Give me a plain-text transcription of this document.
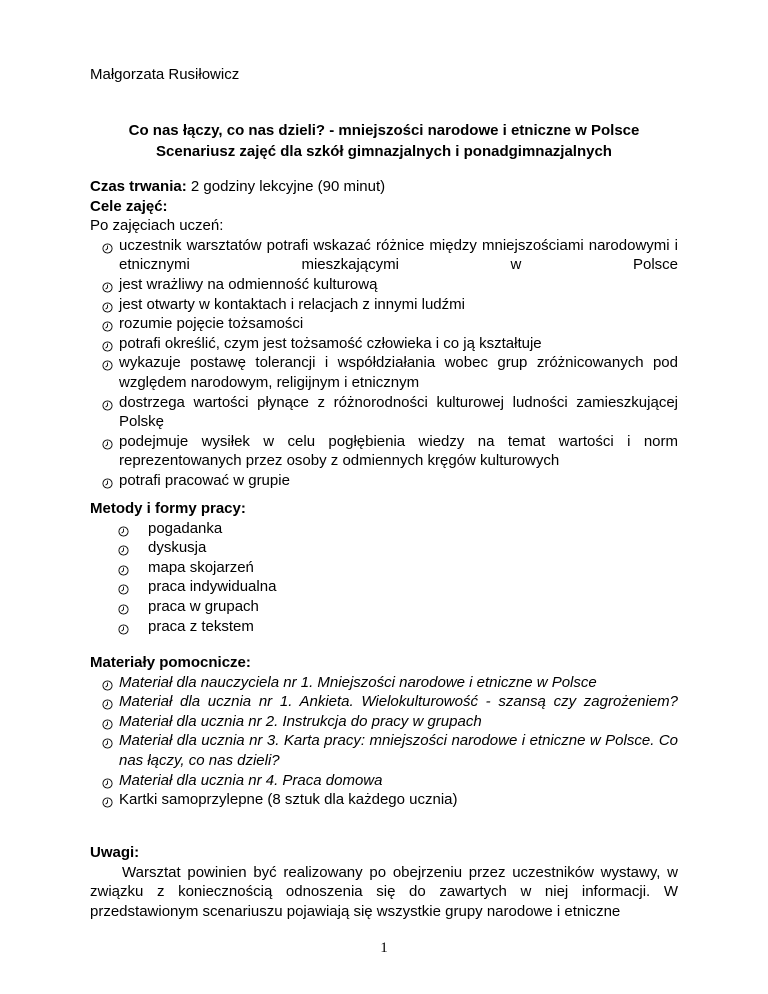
Małgorzata Rusiłowicz
Co nas łączy, co nas dzieli? - mniejszości narodowe i etniczne w Polsce
Scenariusz zajęć dla szkół gimnazjalnych i ponadgimnazjalnych
Czas trwania: 2 godziny lekcyjne (90 minut)
Cele zajęć:
Po zajęciach uczeń:
uczestnik warsztatów potrafi wskazać różnice między mniejszościami narodowymi i etnicznymi mieszkającymi w Polsce
jest wrażliwy na odmienność kulturową
jest otwarty w kontaktach i relacjach z innymi ludźmi
rozumie pojęcie tożsamości
potrafi określić, czym jest tożsamość człowieka i co ją kształtuje
wykazuje postawę tolerancji i współdziałania wobec grup zróżnicowanych pod względem narodowym, religijnym i etnicznym
dostrzega wartości płynące z różnorodności kulturowej ludności zamieszkującej Polskę
podejmuje wysiłek w celu pogłębienia wiedzy na temat wartości i norm reprezentowanych przez osoby z odmiennych kręgów kulturowych
potrafi pracować w grupie
Metody i formy pracy:
pogadanka
dyskusja
mapa skojarzeń
praca indywidualna
praca w grupach
praca z tekstem
Materiały pomocnicze:
Materiał dla nauczyciela nr 1. Mniejszości narodowe i etniczne w Polsce
Materiał dla ucznia nr 1. Ankieta. Wielokulturowość - szansą czy zagrożeniem?
Materiał dla ucznia nr 2. Instrukcja do pracy w grupach
Materiał dla ucznia nr 3. Karta pracy: mniejszości narodowe i etniczne w Polsce. Co nas łączy, co nas dzieli?
Materiał dla ucznia nr 4. Praca domowa
Kartki samoprzylepne (8 sztuk dla każdego ucznia)
Uwagi:

Warsztat powinien być realizowany po obejrzeniu przez uczestników wystawy, w związku z koniecznością odnoszenia się do zawartych w niej informacji. W przedstawionym scenariuszu pojawiają się wszystkie grupy narodowe i etniczne

1
